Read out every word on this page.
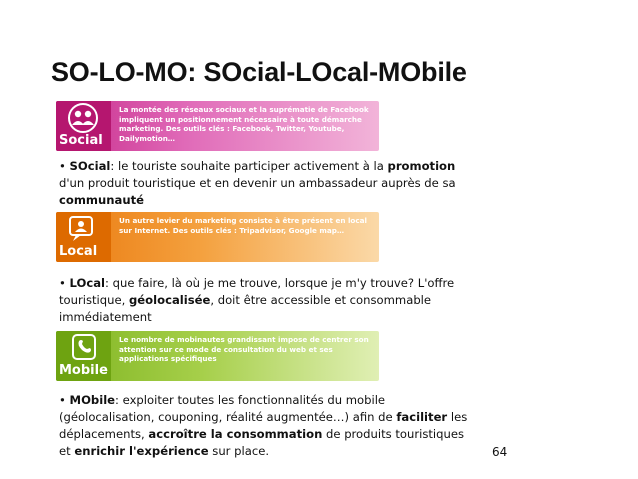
SO-LO-MO: SOcial-LOcal-MObile
Social
La montée des réseaux sociaux et la suprématie de Facebook impliquent un positionnement nécessaire à toute démarche marketing. Des outils clés : Facebook, Twitter, Youtube, Dailymotion…
• SOcial: le touriste souhaite participer activement à la promotion d'un produit touristique et en devenir un ambassadeur auprès de sa communauté
Local
Un autre levier du marketing consiste à être présent en local sur Internet. Des outils clés : Tripadvisor, Google map…
• LOcal: que faire, là où je me trouve, lorsque je m'y trouve? L'offre touristique, géolocalisée, doit être accessible et consommable immédiatement
Mobile
Le nombre de mobinautes grandissant impose de centrer son attention sur ce mode de consultation du web et ses applications spécifiques
• MObile: exploiter toutes les fonctionnalités du mobile (géolocalisation, couponing, réalité augmentée…) afin de faciliter les déplacements, accroître la consommation de produits touristiques et enrichir l'expérience sur place.	64
